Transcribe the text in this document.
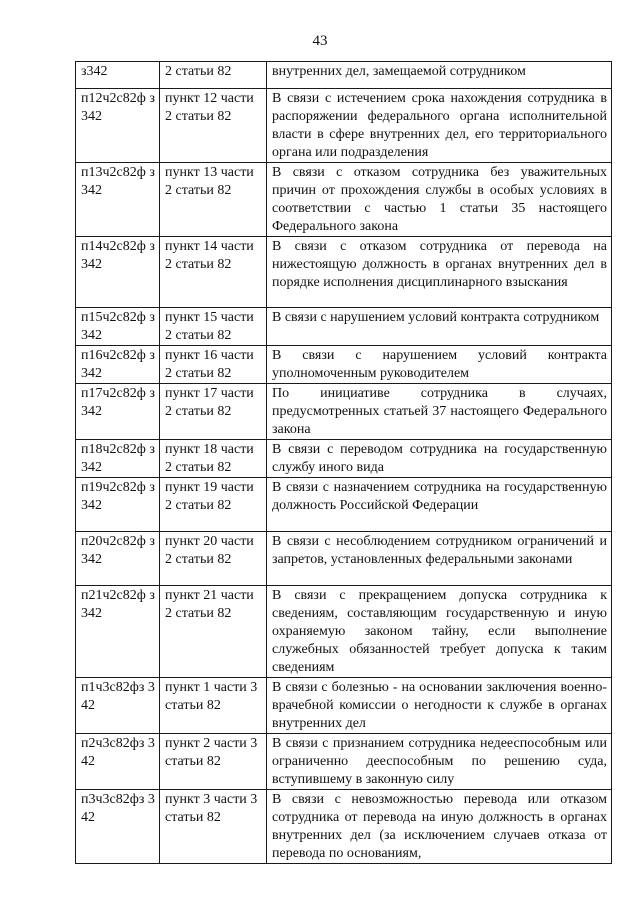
43
з342	2 статьи 82	внутренних дел, замещаемой сотрудником
п12ч2с82ф з342	пункт 12 части 2 статьи 82	В связи с истечением срока нахождения сотрудника в распоряжении федерального органа исполнительной власти в сфере внутренних дел, его территориального органа или подразделения
п13ч2с82ф з342	пункт 13 части 2 статьи 82	В связи с отказом сотрудника без уважительных причин от прохождения службы в особых условиях в соответствии с частью 1 статьи 35 настоящего Федерального закона
п14ч2с82ф з342	пункт 14 части 2 статьи 82	В связи с отказом сотрудника от перевода на нижестоящую должность в органах внутренних дел в порядке исполнения дисциплинарного взыскания
п15ч2с82ф з342	пункт 15 части 2 статьи 82	В связи с нарушением условий контракта сотрудником
п16ч2с82ф з342	пункт 16 части 2 статьи 82	В связи с нарушением условий контракта уполномоченным руководителем
п17ч2с82ф з342	пункт 17 части 2 статьи 82	По инициативе сотрудника в случаях, предусмотренных статьей 37 настоящего Федерального закона
п18ч2с82ф з342	пункт 18 части 2 статьи 82	В связи с переводом сотрудника на государственную службу иного вида
п19ч2с82ф з342	пункт 19 части 2 статьи 82	В связи с назначением сотрудника на государственную должность Российской Федерации
п20ч2с82ф з342	пункт 20 части 2 статьи 82	В связи с несоблюдением сотрудником ограничений и запретов, установленных федеральными законами
п21ч2с82ф з342	пункт 21 части 2 статьи 82	В связи с прекращением допуска сотрудника к сведениям, составляющим государственную и иную охраняемую законом тайну, если выполнение служебных обязанностей требует допуска к таким сведениям
п1ч3с82фз 342	пункт 1 части 3 статьи 82	В связи с болезнью - на основании заключения военно-врачебной комиссии о негодности к службе в органах внутренних дел
п2ч3с82фз 342	пункт 2 части 3 статьи 82	В связи с признанием сотрудника недееспособным или ограниченно дееспособным по решению суда, вступившему в законную силу
п3ч3с82фз 342	пункт 3 части 3 статьи 82	В связи с невозможностью перевода или отказом сотрудника от перевода на иную должность в органах внутренних дел (за исключением случаев отказа от перевода по основаниям,
